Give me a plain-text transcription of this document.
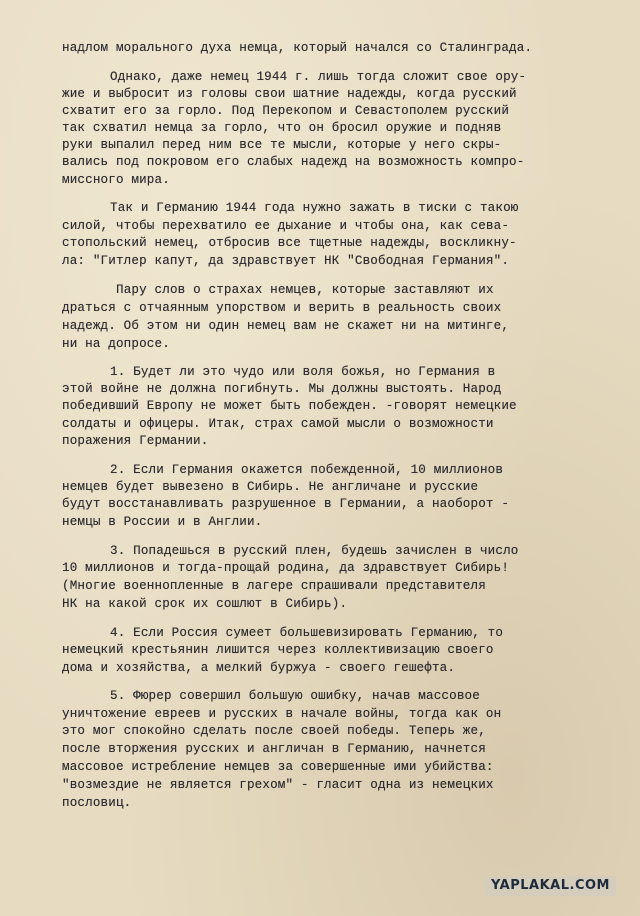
надлом морального духа немца, который начался со Сталинграда.
Однако, даже немец 1944 г. лишь тогда сложит свое ору-
жие и выбросит из головы свои шатние надежды, когда русский
схватит его за горло. Под Перекопом и Севастополем русский
так схватил немца за горло, что он бросил оружие и подняв
руки выпалил перед ним все те мысли, которые у него скры-
вались под покровом его слабых надежд на возможность компро-
миссного мира.
Так и Германию 1944 года нужно зажать в тиски с такою
силой, чтобы перехватило ее дыхание и чтобы она, как сева-
стопольский немец, отбросив все тщетные надежды, воскликну-
ла: "Гитлер капут, да здравствует НК "Свободная Германия".
Пару слов о страхах немцев, которые заставляют их
драться с отчаянным упорством и верить в реальность своих
надежд. Об этом ни один немец вам не скажет ни на митинге,
ни на допросе.
1. Будет ли это чудо или воля божья, но Германия в
этой войне не должна погибнуть. Мы должны выстоять. Народ
победивший Европу не может быть побежден. -говорят немецкие
солдаты и офицеры. Итак, страх самой мысли о возможности
поражения Германии.
2. Если Германия окажется побежденной, 10 миллионов
немцев будет вывезено в Сибирь. Не англичане и русские
будут восстанавливать разрушенное в Германии, а наоборот -
немцы в России и в Англии.
3. Попадешься в русский плен, будешь зачислен в число
10 миллионов и тогда-прощай родина, да здравствует Сибирь!
(Многие военнопленные в лагере спрашивали представителя
НК на какой срок их сошлют в Сибирь).
4. Если Россия сумеет большевизировать Германию, то
немецкий крестьянин лишится через коллективизацию своего
дома и хозяйства, а мелкий буржуа - своего гешефта.
5. Фюрер совершил большую ошибку, начав массовое
уничтожение евреев и русских в начале войны, тогда как он
это мог спокойно сделать после своей победы. Теперь же,
после вторжения русских и англичан в Германию, начнется
массовое истребление немцев за совершенные ими убийства:
"возмездие не является грехом" - гласит одна из немецких
пословиц.
YAPLAKAL.COM
